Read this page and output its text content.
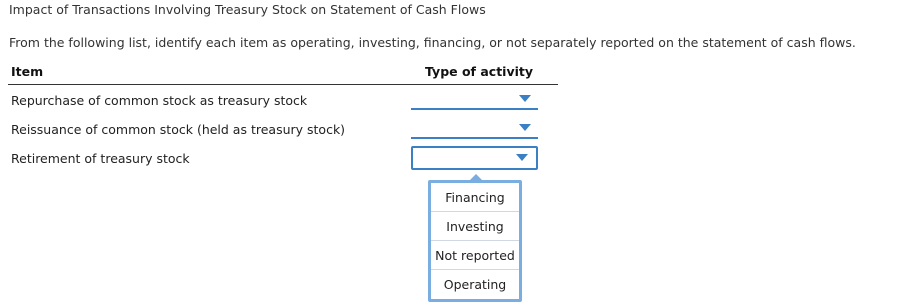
Impact of Transactions Involving Treasury Stock on Statement of Cash Flows
From the following list, identify each item as operating, investing, financing, or not separately reported on the statement of cash flows.
Item	Type of activity
Repurchase of common stock as treasury stock
Reissuance of common stock (held as treasury stock)
Retirement of treasury stock
Financing
Investing
Not reported
Operating
